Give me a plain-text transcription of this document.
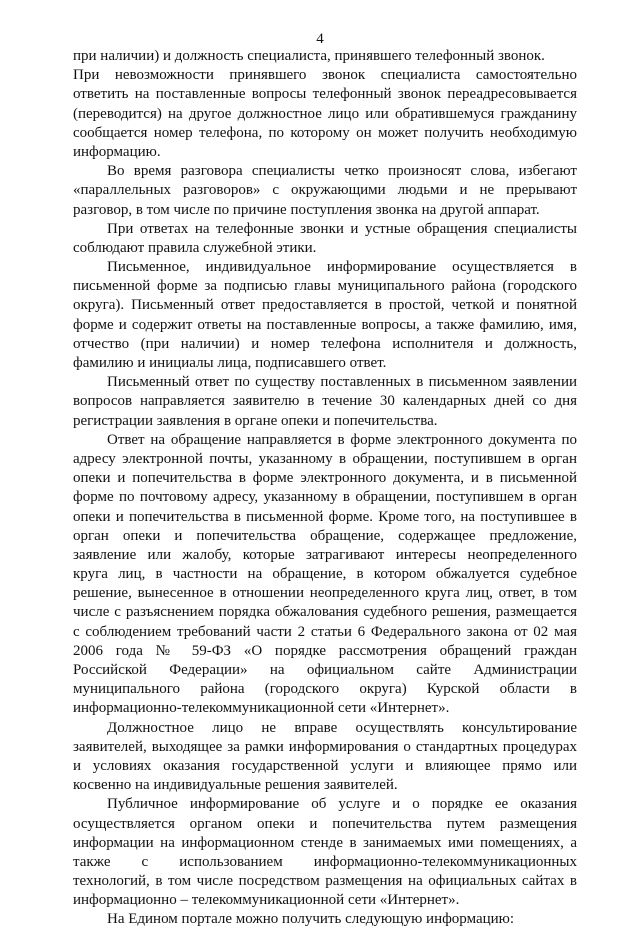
4
при наличии) и должность специалиста, принявшего телефонный звонок.
При невозможности принявшего звонок специалиста самостоятельно
ответить на поставленные вопросы телефонный звонок переадресовывается
(переводится) на другое должностное лицо или обратившемуся гражданину
сообщается номер телефона, по которому он может получить необходимую
информацию.
Во время разговора специалисты четко произносят слова, избегают
«параллельных разговоров» с окружающими людьми и не прерывают
разговор, в том числе по причине поступления звонка на другой аппарат.
При ответах на телефонные звонки и устные обращения специалисты
соблюдают правила служебной этики.
Письменное, индивидуальное информирование осуществляется в
письменной форме за подписью главы муниципального района (городского
округа). Письменный ответ предоставляется в простой, четкой и понятной
форме и содержит ответы на поставленные вопросы, а также фамилию, имя,
отчество (при наличии) и номер телефона исполнителя и должность,
фамилию и инициалы лица, подписавшего ответ.
Письменный ответ по существу поставленных в письменном заявлении
вопросов направляется заявителю в течение 30 календарных дней со дня
регистрации заявления в органе опеки и попечительства.
Ответ на обращение направляется в форме электронного документа по
адресу электронной почты, указанному в обращении, поступившем в орган
опеки и попечительства в форме электронного документа, и в письменной
форме по почтовому адресу, указанному в обращении, поступившем в орган
опеки и попечительства в письменной форме. Кроме того, на поступившее в
орган опеки и попечительства обращение, содержащее предложение,
заявление или жалобу, которые затрагивают интересы неопределенного
круга лиц, в частности на обращение, в котором обжалуется судебное
решение, вынесенное в отношении неопределенного круга лиц, ответ, в том
числе с разъяснением порядка обжалования судебного решения, размещается
с соблюдением требований части 2 статьи 6 Федерального закона от 02 мая
2006 года № 59-ФЗ «О порядке рассмотрения обращений граждан
Российской Федерации» на официальном сайте Администрации
муниципального района (городского округа) Курской области в
информационно-телекоммуникационной сети «Интернет».
Должностное лицо не вправе осуществлять консультирование
заявителей, выходящее за рамки информирования о стандартных процедурах
и условиях оказания государственной услуги и влияющее прямо или
косвенно на индивидуальные решения заявителей.
Публичное информирование об услуге и о порядке ее оказания
осуществляется органом опеки и попечительства путем размещения
информации на информационном стенде в занимаемых ими помещениях, а
также с использованием информационно-телекоммуникационных
технологий, в том числе посредством размещения на официальных сайтах в
информационно – телекоммуникационной сети «Интернет».
На Едином портале можно получить следующую информацию:
